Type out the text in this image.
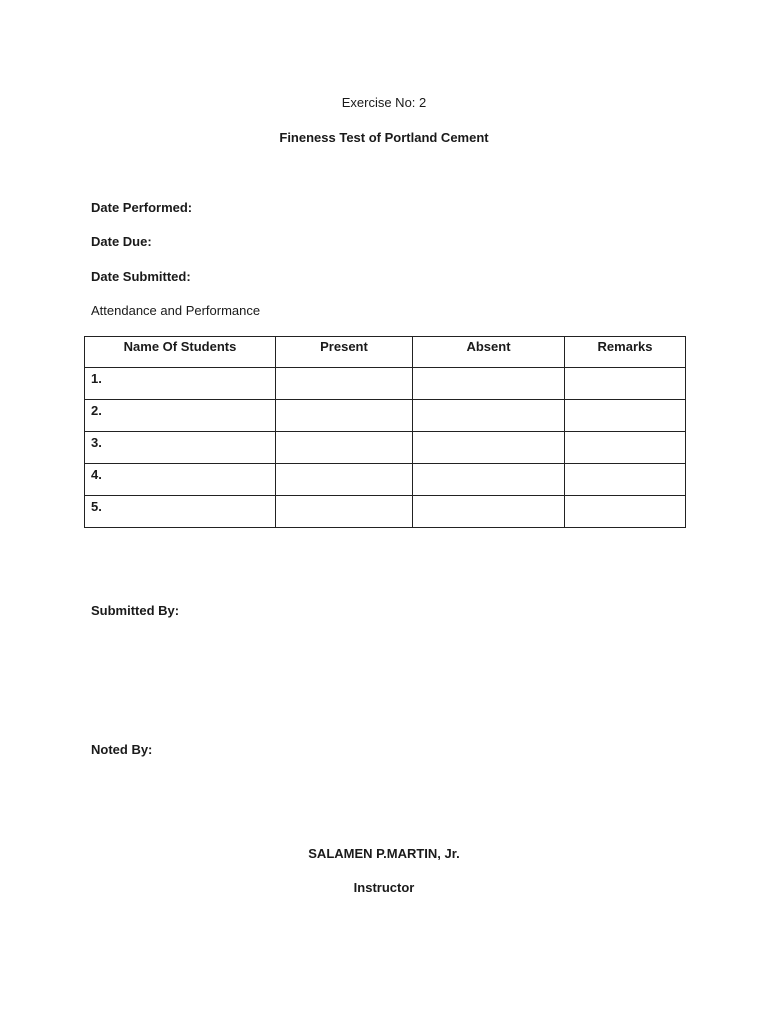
Exercise No: 2
Fineness Test of Portland Cement
Date Performed:
Date Due:
Date Submitted:
Attendance and Performance
Name Of Students	Present	Absent	Remarks
1.			
2.			
3.			
4.			
5.			
Submitted By:
Noted By:
SALAMEN P.MARTIN, Jr.
Instructor
